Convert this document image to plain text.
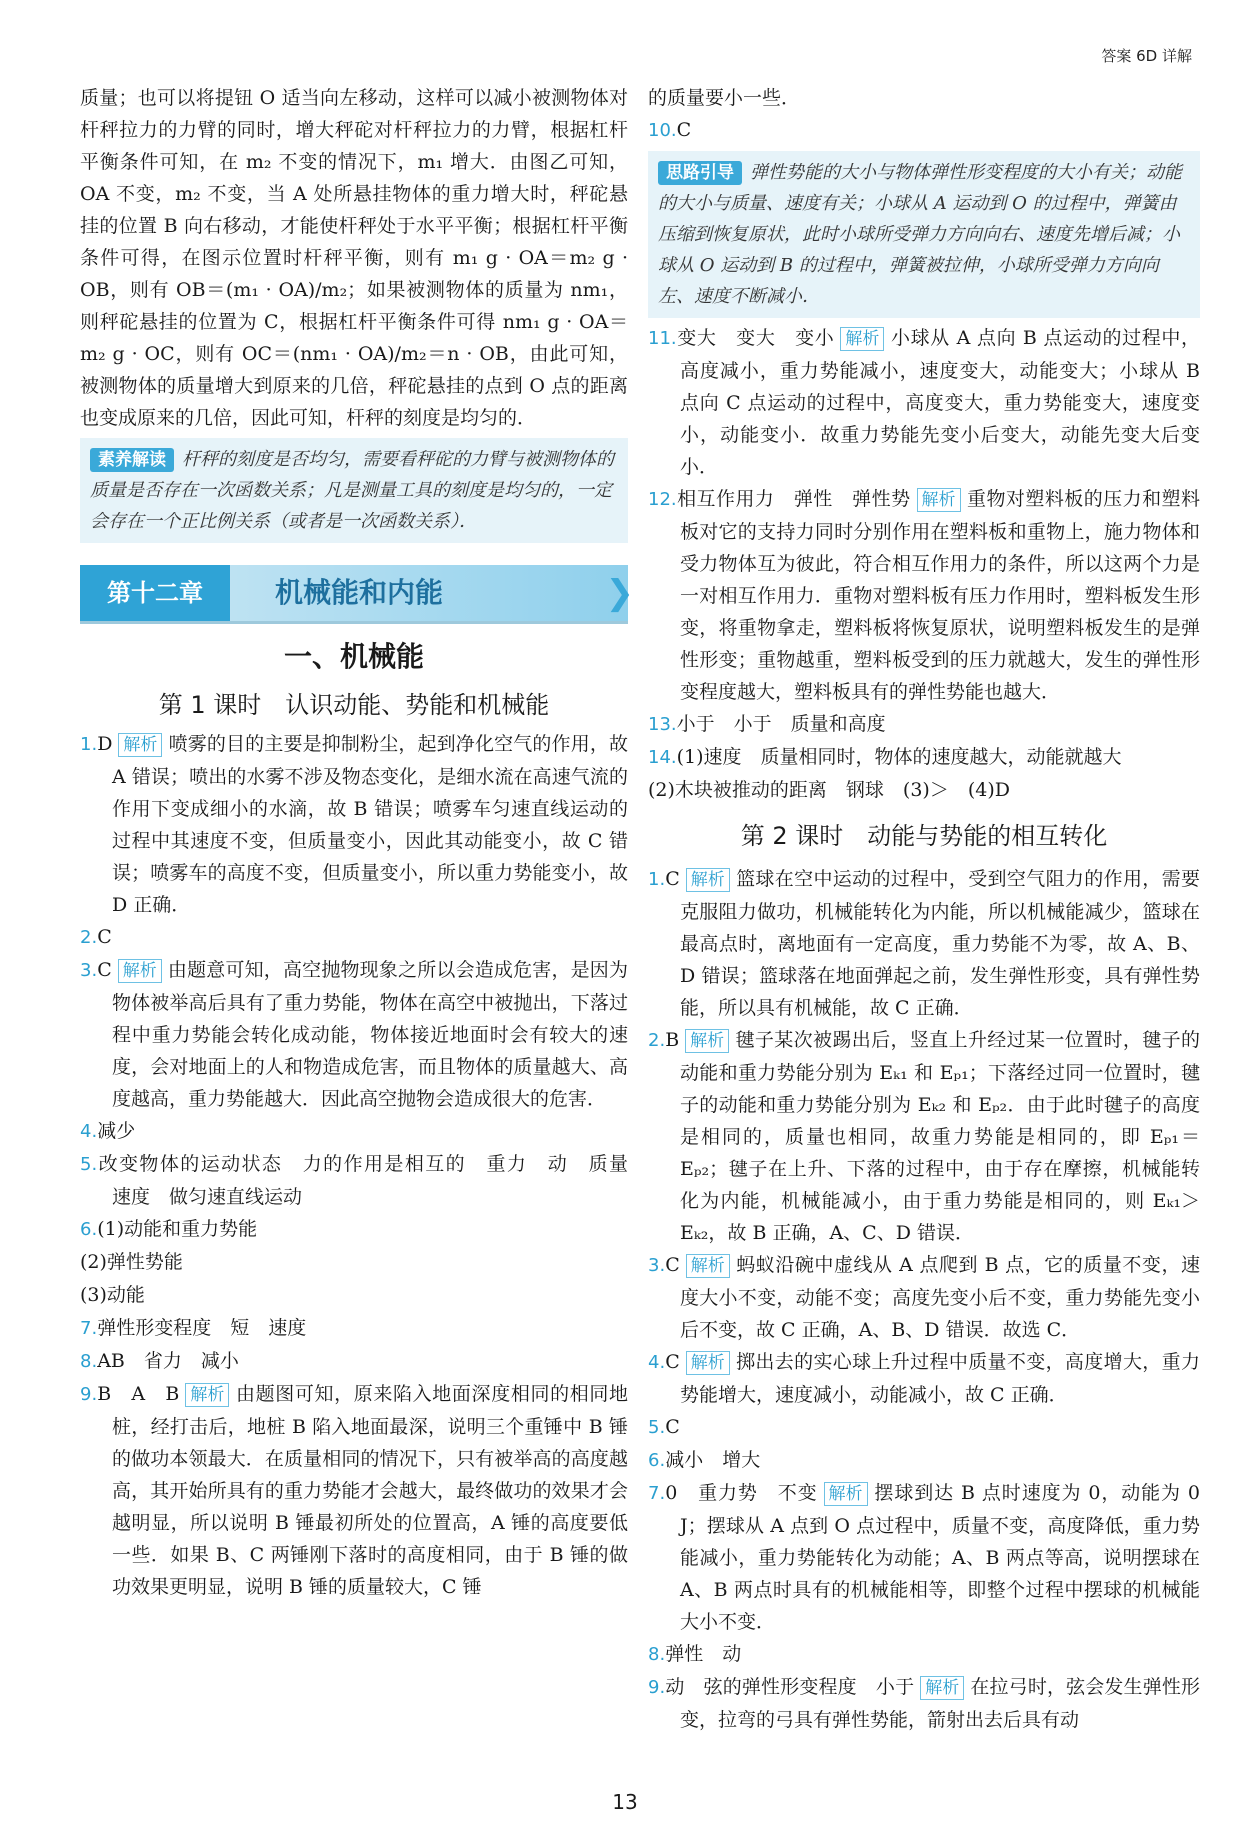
答案 6D 详解

质量；也可以将提钮 O 适当向左移动，这样可以减小被测物体对杆秤拉力的力臂的同时，增大秤砣对杆秤拉力的力臂，根据杠杆平衡条件可知，在 m₂ 不变的情况下，m₁ 增大．由图乙可知，OA 不变，m₂ 不变，当 A 处所悬挂物体的重力增大时，秤砣悬挂的位置 B 向右移动，才能使杆秤处于水平平衡；根据杠杆平衡条件可得，在图示位置时杆秤平衡，则有 m₁ g · OA＝m₂ g · OB，则有 OB＝(m₁ · OA)/m₂；如果被测物体的质量为 nm₁，则秤砣悬挂的位置为 C，根据杠杆平衡条件可得 nm₁ g · OA＝m₂ g · OC，则有 OC＝(nm₁ · OA)/m₂＝n · OB，由此可知，被测物体的质量增大到原来的几倍，秤砣悬挂的点到 O 点的距离也变成原来的几倍，因此可知，杆秤的刻度是均匀的．

素养解读 杆秤的刻度是否均匀，需要看秤砣的力臂与被测物体的质量是否存在一次函数关系；凡是测量工具的刻度是均匀的，一定会存在一个正比例关系（或者是一次函数关系）．
第十二章	机械能和内能	❯
一、机械能
第 1 课时　认识动能、势能和机械能
1.D 解析 喷雾的目的主要是抑制粉尘，起到净化空气的作用，故 A 错误；喷出的水雾不涉及物态变化，是细水流在高速气流的作用下变成细小的水滴，故 B 错误；喷雾车匀速直线运动的过程中其速度不变，但质量变小，因此其动能变小，故 C 错误；喷雾车的高度不变，但质量变小，所以重力势能变小，故 D 正确．
2.C
3.C 解析 由题意可知，高空抛物现象之所以会造成危害，是因为物体被举高后具有了重力势能，物体在高空中被抛出，下落过程中重力势能会转化成动能，物体接近地面时会有较大的速度，会对地面上的人和物造成危害，而且物体的质量越大、高度越高，重力势能越大．因此高空抛物会造成很大的危害．
4.减少
5.改变物体的运动状态　力的作用是相互的　重力　动　质量　速度　做匀速直线运动
6.(1)动能和重力势能
(2)弹性势能
(3)动能
7.弹性形变程度　短　速度
8.AB　省力　减小
9.B　A　B 解析 由题图可知，原来陷入地面深度相同的相同地桩，经打击后，地桩 B 陷入地面最深，说明三个重锤中 B 锤的做功本领最大．在质量相同的情况下，只有被举高的高度越高，其开始所具有的重力势能才会越大，最终做功的效果才会越明显，所以说明 B 锤最初所处的位置高，A 锤的高度要低一些．如果 B、C 两锤刚下落时的高度相同，由于 B 锤的做功效果更明显，说明 B 锤的质量较大，C 锤

的质量要小一些．

10.C
思路引导 弹性势能的大小与物体弹性形变程度的大小有关；动能的大小与质量、速度有关；小球从 A 运动到 O 的过程中，弹簧由压缩到恢复原状，此时小球所受弹力方向向右、速度先增后减；小球从 O 运动到 B 的过程中，弹簧被拉伸，小球所受弹力方向向左、速度不断减小．
11.变大　变大　变小 解析 小球从 A 点向 B 点运动的过程中，高度减小，重力势能减小，速度变大，动能变大；小球从 B 点向 C 点运动的过程中，高度变大，重力势能变大，速度变小，动能变小．故重力势能先变小后变大，动能先变大后变小．
12.相互作用力　弹性　弹性势 解析 重物对塑料板的压力和塑料板对它的支持力同时分别作用在塑料板和重物上，施力物体和受力物体互为彼此，符合相互作用力的条件，所以这两个力是一对相互作用力．重物对塑料板有压力作用时，塑料板发生形变，将重物拿走，塑料板将恢复原状，说明塑料板发生的是弹性形变；重物越重，塑料板受到的压力就越大，发生的弹性形变程度越大，塑料板具有的弹性势能也越大．
13.小于　小于　质量和高度
14.(1)速度　质量相同时，物体的速度越大，动能就越大
(2)木块被推动的距离　钢球　(3)＞　(4)D
第 2 课时　动能与势能的相互转化
1.C 解析 篮球在空中运动的过程中，受到空气阻力的作用，需要克服阻力做功，机械能转化为内能，所以机械能减少，篮球在最高点时，离地面有一定高度，重力势能不为零，故 A、B、D 错误；篮球落在地面弹起之前，发生弹性形变，具有弹性势能，所以具有机械能，故 C 正确．
2.B 解析 毽子某次被踢出后，竖直上升经过某一位置时，毽子的动能和重力势能分别为 Eₖ₁ 和 Eₚ₁；下落经过同一位置时，毽子的动能和重力势能分别为 Eₖ₂ 和 Eₚ₂．由于此时毽子的高度是相同的，质量也相同，故重力势能是相同的，即 Eₚ₁＝Eₚ₂；毽子在上升、下落的过程中，由于存在摩擦，机械能转化为内能，机械能减小，由于重力势能是相同的，则 Eₖ₁＞Eₖ₂，故 B 正确，A、C、D 错误．
3.C 解析 蚂蚁沿碗中虚线从 A 点爬到 B 点，它的质量不变，速度大小不变，动能不变；高度先变小后不变，重力势能先变小后不变，故 C 正确，A、B、D 错误．故选 C．
4.C 解析 掷出去的实心球上升过程中质量不变，高度增大，重力势能增大，速度减小，动能减小，故 C 正确．
5.C
6.减小　增大
7.0　重力势　不变 解析 摆球到达 B 点时速度为 0，动能为 0 J；摆球从 A 点到 O 点过程中，质量不变，高度降低，重力势能减小，重力势能转化为动能；A、B 两点等高，说明摆球在 A、B 两点时具有的机械能相等，即整个过程中摆球的机械能大小不变．
8.弹性　动
9.动　弦的弹性形变程度　小于 解析 在拉弓时，弦会发生弹性形变，拉弯的弓具有弹性势能，箭射出去后具有动
13
